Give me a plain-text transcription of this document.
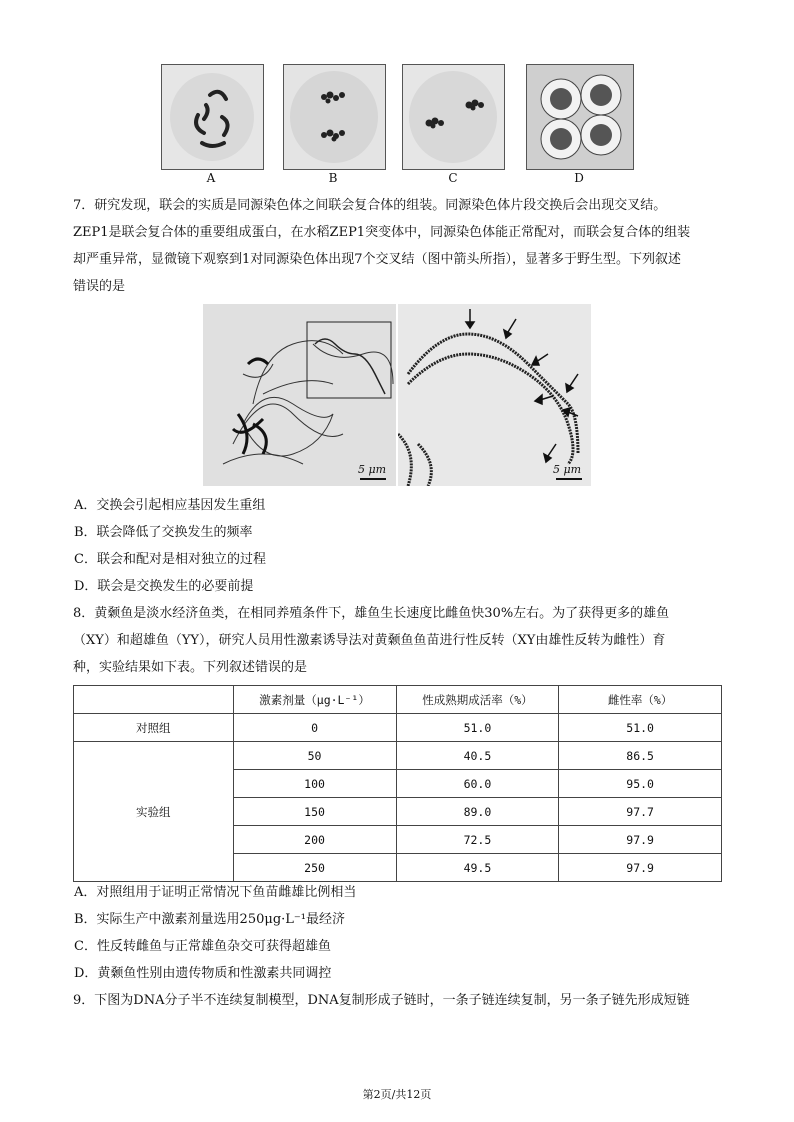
A	B	C	D
7．研究发现，联会的实质是同源染色体之间联会复合体的组装。同源染色体片段交换后会出现交叉结。
ZEP1是联会复合体的重要组成蛋白，在水稻ZEP1突变体中，同源染色体能正常配对，而联会复合体的组装
却严重异常，显微镜下观察到1对同源染色体出现7个交叉结（图中箭头所指），显著多于野生型。下列叙述
错误的是
5 μm	5 μm
A．交换会引起相应基因发生重组
B．联会降低了交换发生的频率
C．联会和配对是相对独立的过程
D．联会是交换发生的必要前提
8．黄颡鱼是淡水经济鱼类，在相同养殖条件下，雄鱼生长速度比雌鱼快30%左右。为了获得更多的雄鱼
（XY）和超雄鱼（YY），研究人员用性激素诱导法对黄颡鱼鱼苗进行性反转（XY由雄性反转为雌性）育
种，实验结果如下表。下列叙述错误的是
	激素剂量（μg·L⁻¹）	性成熟期成活率（%）	雌性率（%）
对照组	0	51.0	51.0
实验组	50	40.5	86.5
	100	60.0	95.0
	150	89.0	97.7
	200	72.5	97.9
	250	49.5	97.9
A．对照组用于证明正常情况下鱼苗雌雄比例相当
B．实际生产中激素剂量选用250μg·L⁻¹最经济
C．性反转雌鱼与正常雄鱼杂交可获得超雄鱼
D．黄颡鱼性别由遗传物质和性激素共同调控
9．下图为DNA分子半不连续复制模型，DNA复制形成子链时，一条子链连续复制，另一条子链先形成短链
第2页/共12页
